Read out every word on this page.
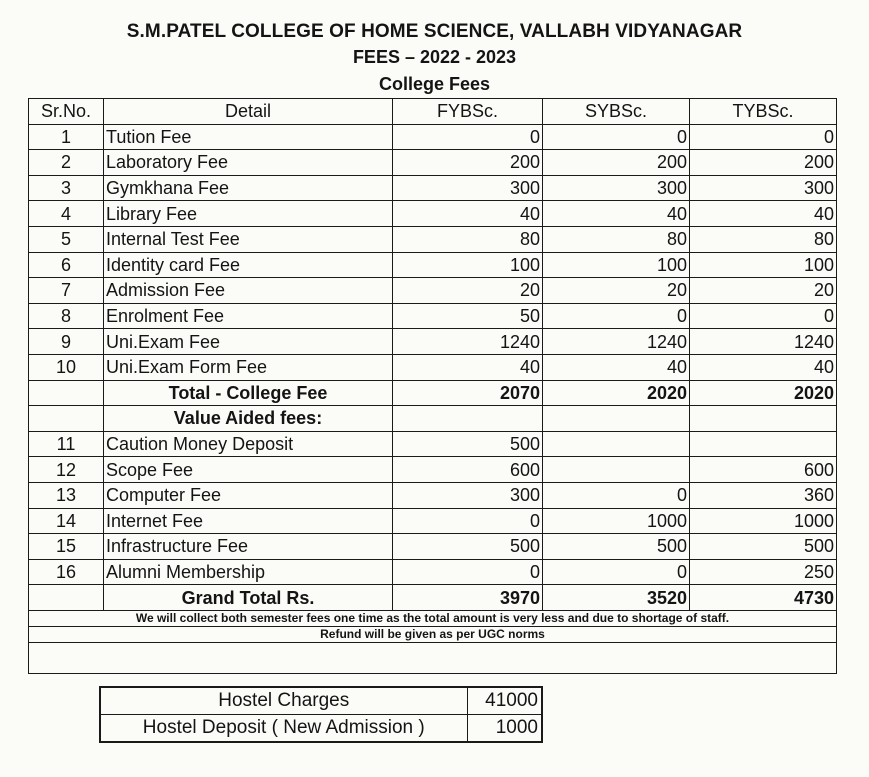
S.M.PATEL COLLEGE OF HOME SCIENCE, VALLABH VIDYANAGAR
FEES – 2022 - 2023
College Fees
Sr.No.	Detail	FYBSc.	SYBSc.	TYBSc.
1	Tution Fee	0	0	0
2	Laboratory Fee	200	200	200
3	Gymkhana Fee	300	300	300
4	Library Fee	40	40	40
5	Internal Test Fee	80	80	80
6	Identity card Fee	100	100	100
7	Admission Fee	20	20	20
8	Enrolment Fee	50	0	0
9	Uni.Exam Fee	1240	1240	1240
10	Uni.Exam Form Fee	40	40	40
	Total - College Fee	2070	2020	2020
	Value Aided fees:			
11	Caution Money Deposit	500		
12	Scope Fee	600		600
13	Computer Fee	300	0	360
14	Internet Fee	0	1000	1000
15	Infrastructure Fee	500	500	500
16	Alumni Membership	0	0	250
	Grand Total Rs.	3970	3520	4730
We will collect both semester fees one time as the total amount is very less and due to shortage of staff.				
Refund will be given as per UGC norms				

Hostel Charges	41000
Hostel Deposit ( New Admission )	1000
